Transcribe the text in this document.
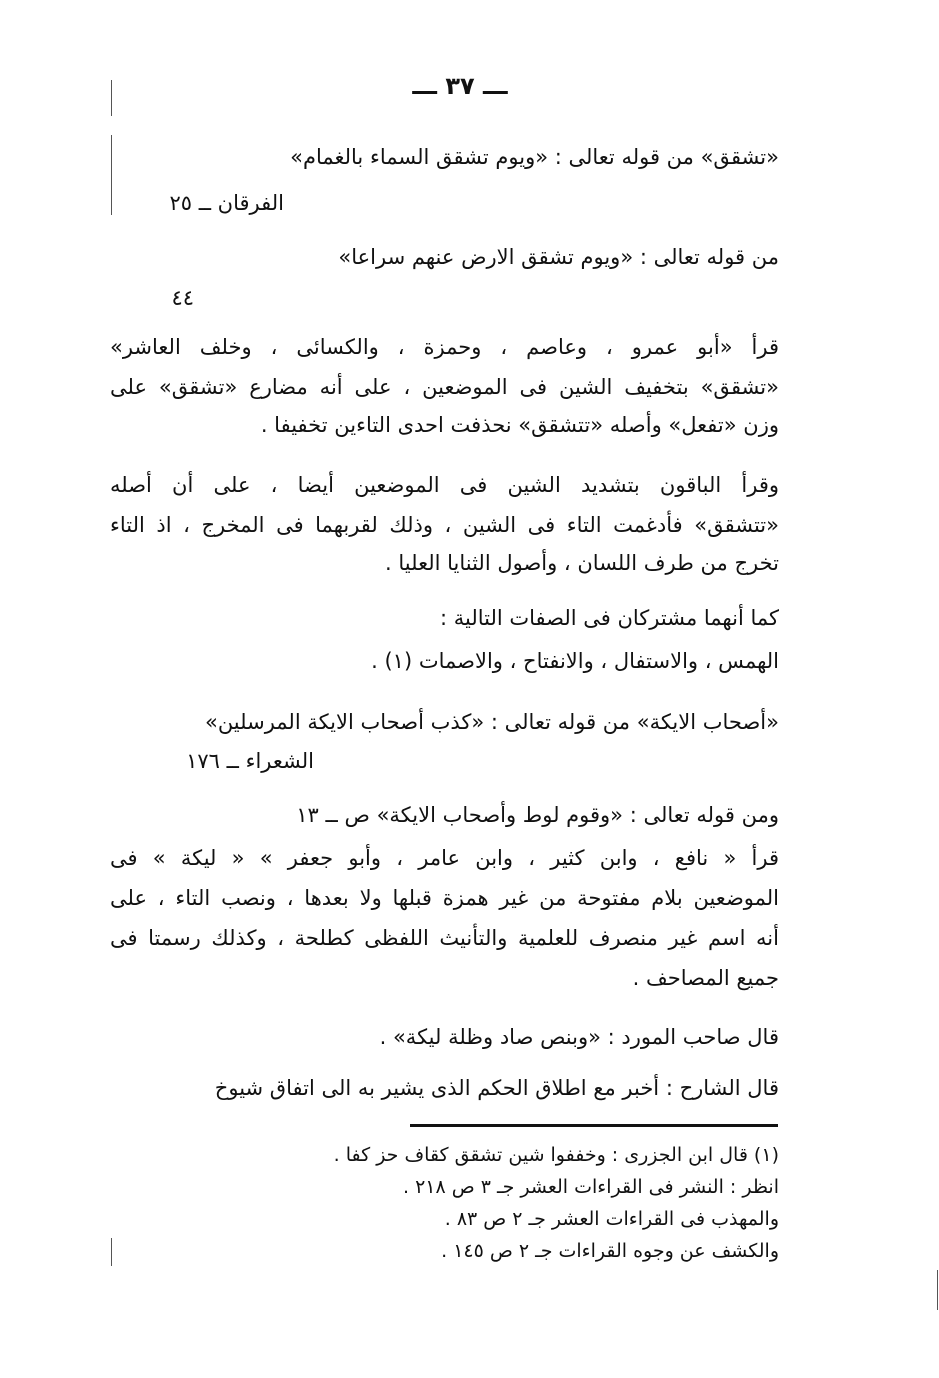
ـــ ٣٧ ـــ
«تشقق» من قوله تعالى : «ويوم تشقق السماء بالغمام»
الفرقان ــ ٢٥
من قوله تعالى : «ويوم تشقق الارض عنهم سراعا»
٤٤
قرأ «أبو عمرو ، وعاصم ، وحمزة ، والكسائى ، وخلف العاشر»
«تشقق» بتخفيف الشين فى الموضعين ، على أنه مضارع «تشقق» على
وزن «تفعل» وأصله «تتشقق» نحذفت احدى التاءين تخفيفا .
وقرأ الباقون بتشديد الشين فى الموضعين أيضا ، على أن أصله
«تتشقق» فأدغمت التاء فى الشين ، وذلك لقربهما فى المخرج ، اذ التاء
تخرج من طرف اللسان ، وأصول الثنايا العليا .
كما أنهما مشتركان فى الصفات التالية :
الهمس ، والاستفال ، والانفتاح ، والاصمات (١) .
«أصحاب الايكة» من قوله تعالى : «كذب أصحاب الايكة المرسلين»
الشعراء ــ ١٧٦
ومن قوله تعالى : «وقوم لوط وأصحاب الايكة» ص ــ ١٣
قرأ « نافع ، وابن كثير ، وابن عامر ، وأبو جعفر » « ليكة » فى
الموضعين بلام مفتوحة من غير همزة قبلها ولا بعدها ، ونصب التاء ، على
أنه اسم غير منصرف للعلمية والتأنيث اللفظى كطلحة ، وكذلك رسمتا فى
جميع المصاحف .
قال صاحب المورد : «وبنص صاد وظلة ليكة» .
قال الشارح : أخبر مع اطلاق الحكم الذى يشير به الى اتفاق شيوخ
(١) قال ابن الجزرى : وخففوا شين تشقق كقاف حز كفا .
انظر : النشر فى القراءات العشر جـ ٣ ص ٢١٨ .
والمهذب فى القراءات العشر جـ ٢ ص ٨٣ .
والكشف عن وجوه القراءات جـ ٢ ص ١٤٥ .
